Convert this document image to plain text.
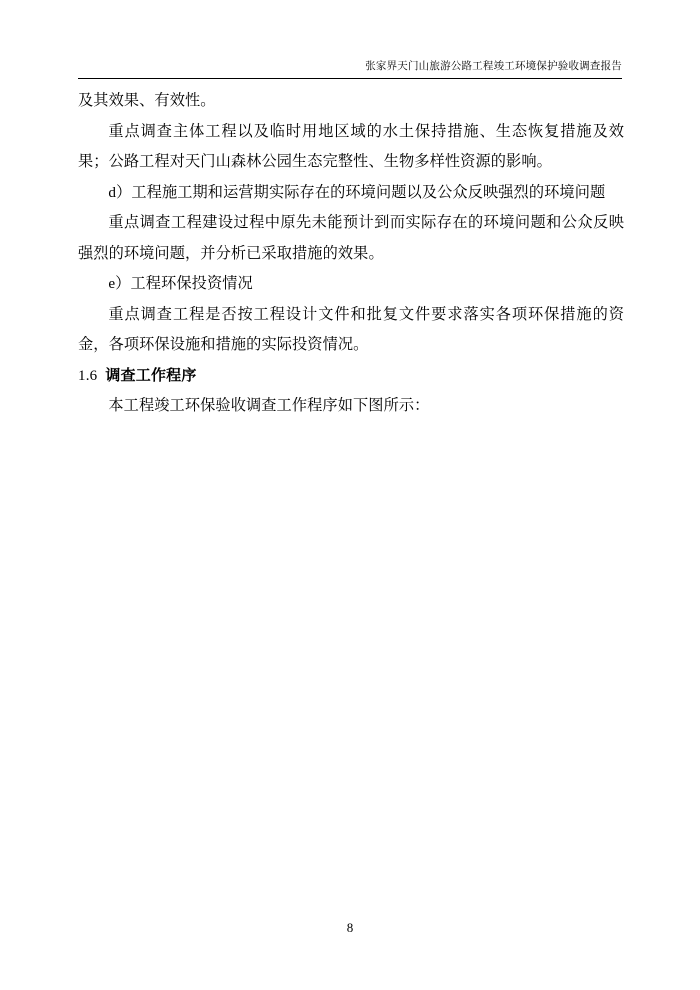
张家界天门山旅游公路工程竣工环境保护验收调查报告

及其效果、有效性。

重点调查主体工程以及临时用地区域的水土保持措施、生态恢复措施及效果；公路工程对天门山森林公园生态完整性、生物多样性资源的影响。

d）工程施工期和运营期实际存在的环境问题以及公众反映强烈的环境问题

重点调查工程建设过程中原先未能预计到而实际存在的环境问题和公众反映强烈的环境问题，并分析已采取措施的效果。

e）工程环保投资情况

重点调查工程是否按工程设计文件和批复文件要求落实各项环保措施的资金，各项环保设施和措施的实际投资情况。

1.6 调查工作程序

本工程竣工环保验收调查工作程序如下图所示：

8
